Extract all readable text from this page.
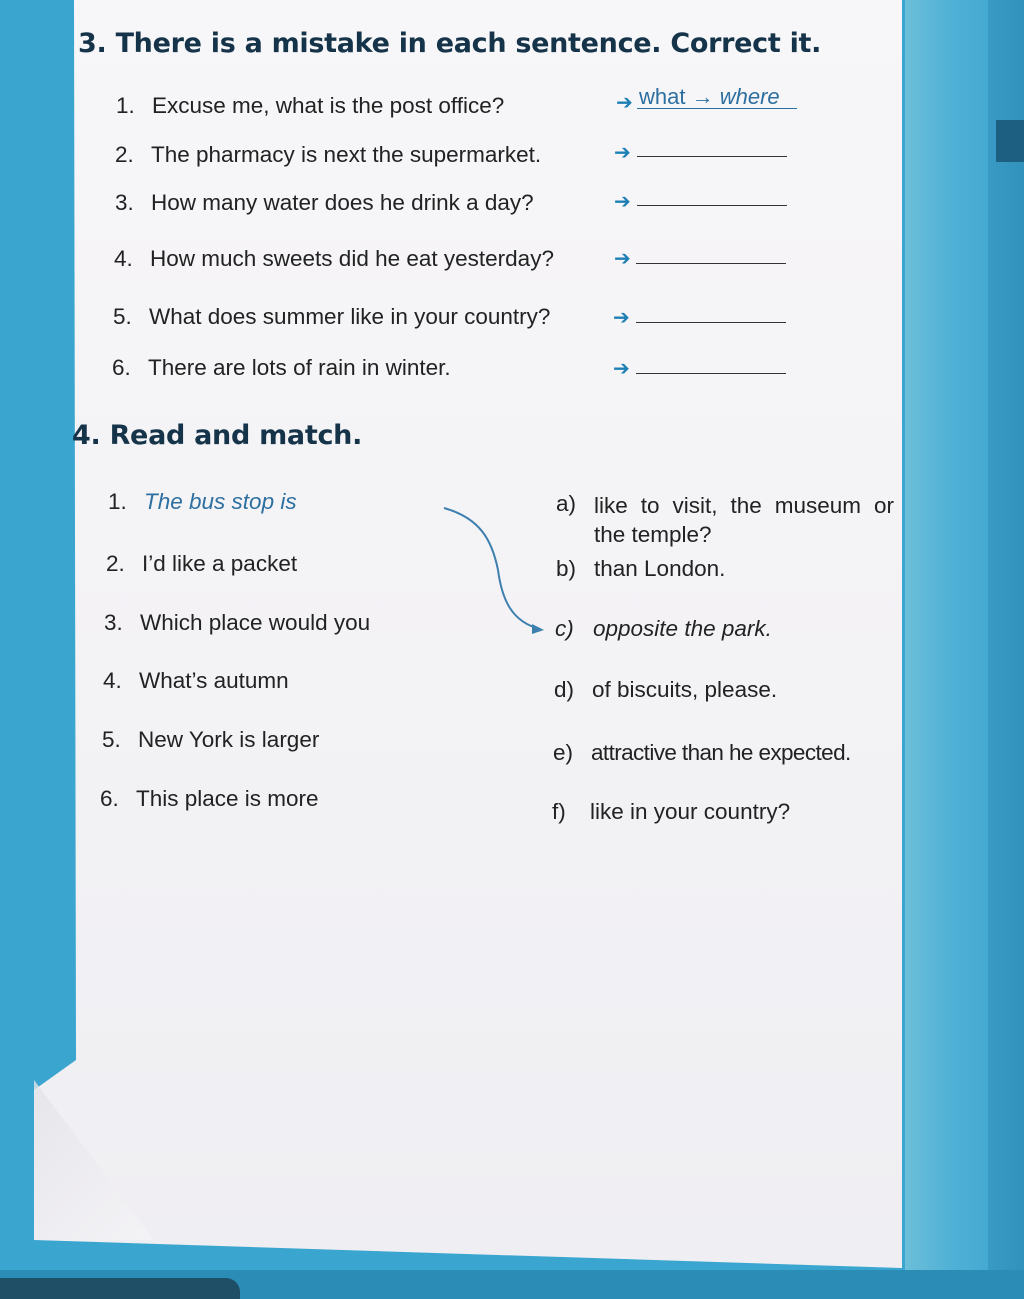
3. There is a mistake in each sentence. Correct it.
1. Excuse me, what is the post office?
2. The pharmacy is next the supermarket.
3. How many water does he drink a day?
4. How much sweets did he eat yesterday?
5. What does summer like in your country?
6. There are lots of rain in winter.
➔ what → where
➔
➔
➔
➔
➔
4. Read and match.
1. The bus stop is
2. I’d like a packet
3. Which place would you
4. What’s autumn
5. New York is larger
6. This place is more
a) like to visit, the museum or the temple?
b) than London.
c) opposite the park.
d) of biscuits, please.
e) attractive than he expected.
f) like in your country?
